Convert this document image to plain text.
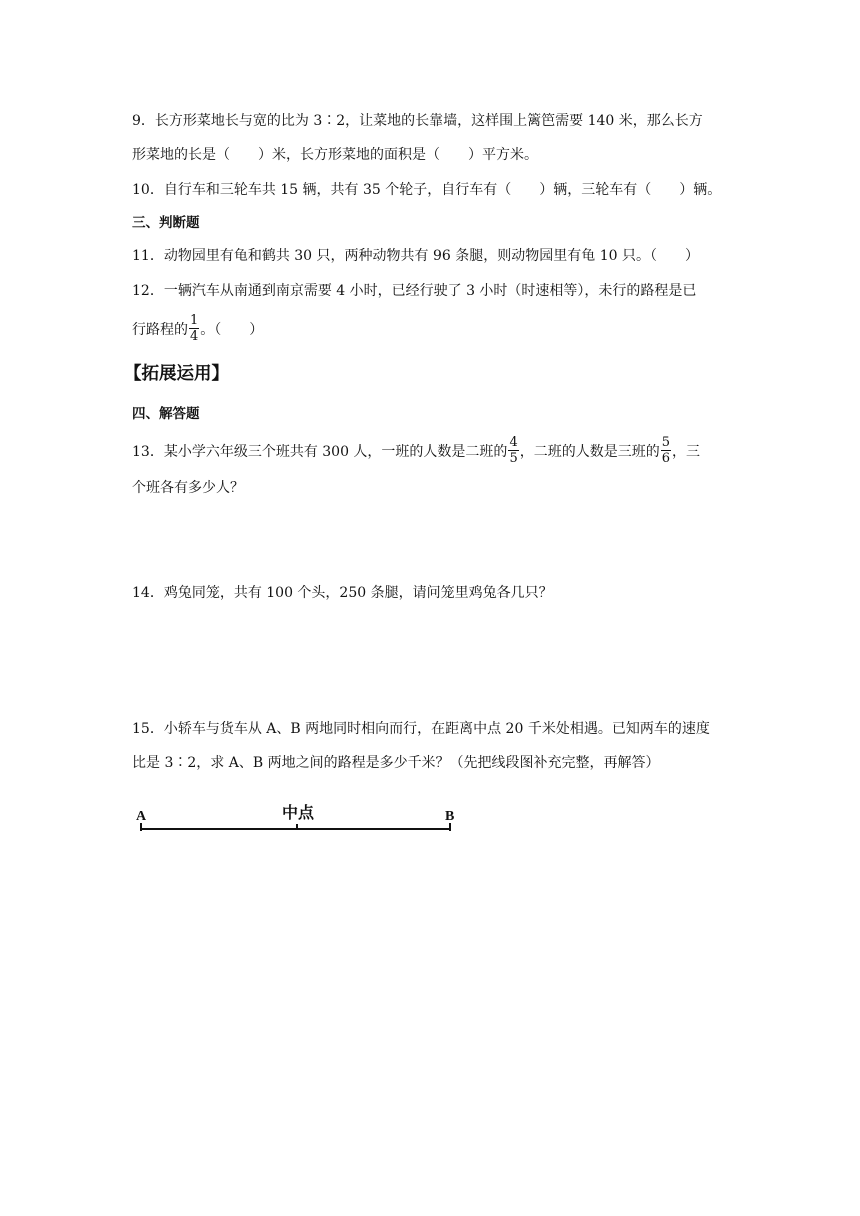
9．长方形菜地长与宽的比为 3∶2，让菜地的长靠墙，这样围上篱笆需要 140 米，那么长方
形菜地的长是（　　）米，长方形菜地的面积是（　　）平方米。
10．自行车和三轮车共 15 辆，共有 35 个轮子，自行车有（　　）辆，三轮车有（　　）辆。
三、判断题
11．动物园里有龟和鹤共 30 只，两种动物共有 96 条腿，则动物园里有龟 10 只。（　　）
12．一辆汽车从南通到南京需要 4 小时，已经行驶了 3 小时（时速相等），未行的路程是已
行路程的 $\frac{1}{4}$ 。（　　）
【拓展运用】
四、解答题
13．某小学六年级三个班共有 300 人，一班的人数是二班的 $\frac{4}{5}$ ，二班的人数是三班的 $\frac{5}{6}$ ，三
个班各有多少人？
14．鸡兔同笼，共有 100 个头，250 条腿，请问笼里鸡兔各几只？
15．小轿车与货车从 A、B 两地同时相向而行，在距离中点 20 千米处相遇。已知两车的速度
比是 3∶2，求 A、B 两地之间的路程是多少千米？（先把线段图补充完整，再解答）
A	中点	B
